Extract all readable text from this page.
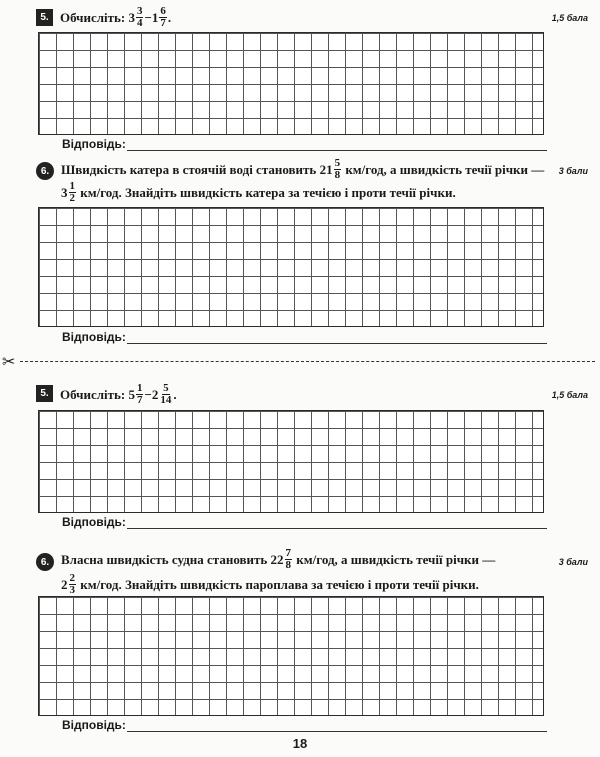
5. Обчисліть:
$3 \frac{3}{4} - 1 \frac{6}{7}$ .	1,5 бала
Відповідь:
6. Швидкість катера в стоячій воді становить
$21 \frac{5}{8}$
км/год, а швидкість течії річки —
$3 \frac{1}{2}$
км/год. Знайдіть швидкість катера за течією і проти течії річки.
3 бали
Відповідь:
✂
5. Обчисліть:
$5 \frac{1}{7} - 2 \frac{5}{14}$ .	1,5 бала
Відповідь:
6. Власна швидкість судна становить
$22 \frac{7}{8}$
км/год, а швидкість течії річки —
$2 \frac{2}{3}$
км/год. Знайдіть швидкість пароплава за течією і проти течії річки.
3 бали
Відповідь:
18
